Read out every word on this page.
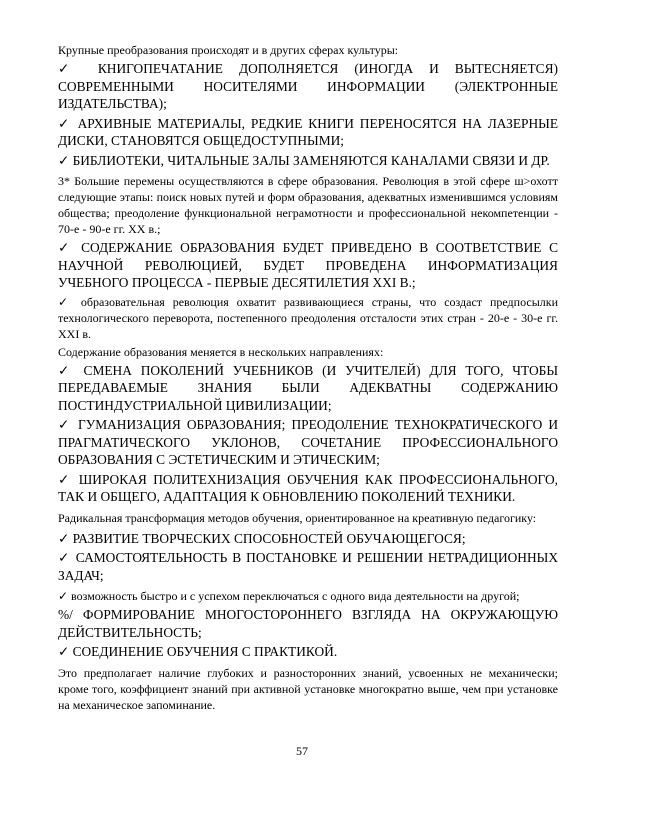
Крупные преобразования происходят и в других сферах культуры:

✓ КНИГОПЕЧАТАНИЕ ДОПОЛНЯЕТСЯ (ИНОГДА И ВЫТЕСНЯЕТСЯ) СОВРЕМЕННЫМИ НОСИТЕЛЯМИ ИНФОРМАЦИИ (ЭЛЕКТРОННЫЕ ИЗДАТЕЛЬСТВА);

✓ АРХИВНЫЕ МАТЕРИАЛЫ, РЕДКИЕ КНИГИ ПЕРЕНОСЯТСЯ НА ЛАЗЕРНЫЕ ДИСКИ, СТАНОВЯТСЯ ОБЩЕДОСТУПНЫМИ;

✓ БИБЛИОТЕКИ, ЧИТАЛЬНЫЕ ЗАЛЫ ЗАМЕНЯЮТСЯ КАНАЛАМИ СВЯЗИ И ДР.

3* Большие перемены осуществляются в сфере образования. Революция в этой сфере ш>охотт следующие этапы: поиск новых путей и форм образования, адекватных изменившимся условиям общества; преодоление функциональной неграмотности и профессиональной некомпетенции - 70-е - 90-е гг. XX в.;

✓ СОДЕРЖАНИЕ ОБРАЗОВАНИЯ БУДЕТ ПРИВЕДЕНО В СООТВЕТСТВИЕ С НАУЧНОЙ РЕВОЛЮЦИЕЙ, БУДЕТ ПРОВЕДЕНА ИНФОРМАТИЗАЦИЯ УЧЕБНОГО ПРОЦЕССА - ПЕРВЫЕ ДЕСЯТИЛЕТИЯ XXI В.;

✓ образовательная революция охватит развивающиеся страны, что создаст предпосылки технологического переворота, постепенного преодоления отсталости этих стран - 20-е - 30-е гг. XXI в.

Содержание образования меняется в нескольких направлениях:

✓ СМЕНА ПОКОЛЕНИЙ УЧЕБНИКОВ (И УЧИТЕЛЕЙ) ДЛЯ ТОГО, ЧТОБЫ ПЕРЕДАВАЕМЫЕ ЗНАНИЯ БЫЛИ АДЕКВАТНЫ СОДЕРЖАНИЮ ПОСТИНДУСТРИАЛЬНОЙ ЦИВИЛИЗАЦИИ;

✓ ГУМАНИЗАЦИЯ ОБРАЗОВАНИЯ; ПРЕОДОЛЕНИЕ ТЕХНОКРАТИЧЕСКОГО И ПРАГМАТИЧЕСКОГО УКЛОНОВ, СОЧЕТАНИЕ ПРОФЕССИОНАЛЬНОГО ОБРАЗОВАНИЯ С ЭСТЕТИЧЕСКИМ И ЭТИЧЕСКИМ;

✓ ШИРОКАЯ ПОЛИТЕХНИЗАЦИЯ ОБУЧЕНИЯ КАК ПРОФЕССИОНАЛЬНОГО, ТАК И ОБЩЕГО, АДАПТАЦИЯ К ОБНОВЛЕНИЮ ПОКОЛЕНИЙ ТЕХНИКИ.

Радикальная трансформация методов обучения, ориентированное на креативную педагогику:

✓ РАЗВИТИЕ ТВОРЧЕСКИХ СПОСОБНОСТЕЙ ОБУЧАЮЩЕГОСЯ;

✓ САМОСТОЯТЕЛЬНОСТЬ В ПОСТАНОВКЕ И РЕШЕНИИ НЕТРАДИЦИОННЫХ ЗАДАЧ;

✓ возможность быстро и с успехом переключаться с одного вида деятельности на другой;

%/ ФОРМИРОВАНИЕ МНОГОСТОРОННЕГО ВЗГЛЯДА НА ОКРУЖАЮЩУЮ ДЕЙСТВИТЕЛЬНОСТЬ;

✓ СОЕДИНЕНИЕ ОБУЧЕНИЯ С ПРАКТИКОЙ.

Это предполагает наличие глубоких и разносторонних знаний, усвоенных не механически; кроме того, коэффициент знаний при активной установке многократно выше, чем при установке на механическое запоминание.

57
